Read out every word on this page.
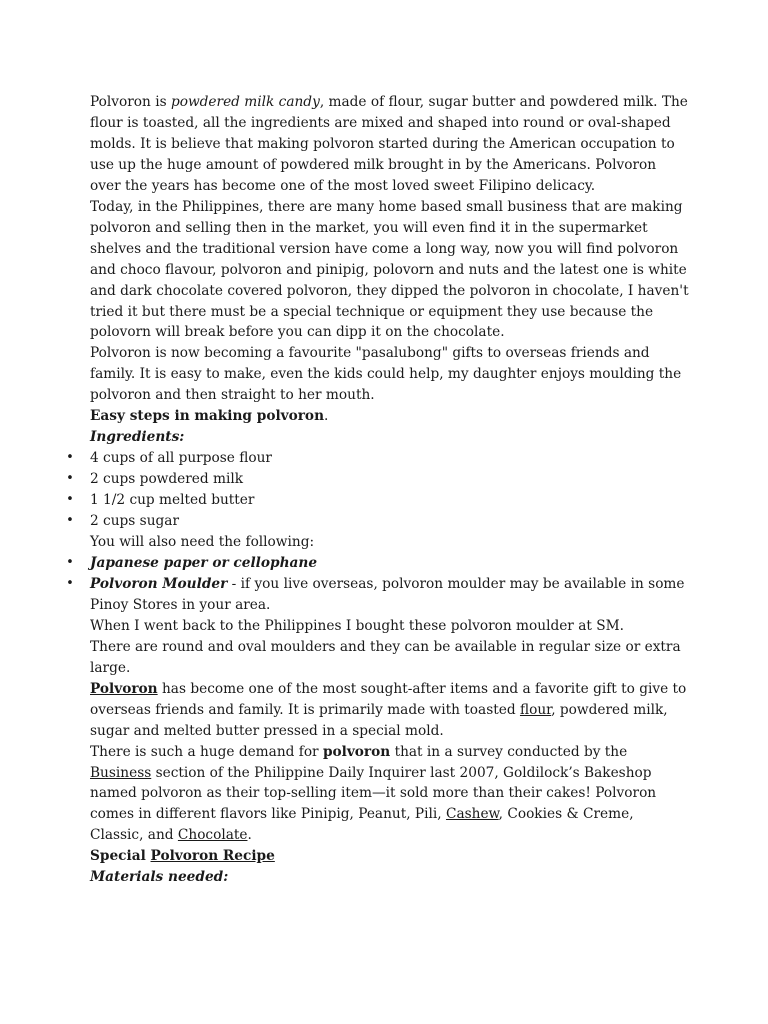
Polvoron is powdered milk candy, made of flour, sugar butter and powdered milk. The flour is toasted, all the ingredients are mixed and shaped into round or oval-shaped molds. It is believe that making polvoron started during the American occupation to use up the huge amount of powdered milk brought in by the Americans. Polvoron over the years has become one of the most loved sweet Filipino delicacy.

Today, in the Philippines, there are many home based small business that are making polvoron and selling then in the market, you will even find it in the supermarket shelves and the traditional version have come a long way, now you will find polvoron and choco flavour, polvoron and pinipig, polovorn and nuts and the latest one is white and dark chocolate covered polvoron, they dipped the polvoron in chocolate, I haven't tried it but there must be a special technique or equipment they use because the polovorn will break before you can dipp it on the chocolate.

Polvoron is now becoming a favourite "pasalubong" gifts to overseas friends and family. It is easy to make, even the kids could help, my daughter enjoys moulding the polvoron and then straight to her mouth.

Easy steps in making polvoron.

Ingredients:

• 4 cups of all purpose flour
• 2 cups powdered milk
• 1 1/2 cup melted butter
• 2 cups sugar

You will also need the following:

• Japanese paper or cellophane
• Polvoron Moulder - if you live overseas, polvoron moulder may be available in some Pinoy Stores in your area.

When I went back to the Philippines I bought these polvoron moulder at SM.

There are round and oval moulders and they can be available in regular size or extra large.

Polvoron has become one of the most sought-after items and a favorite gift to give to overseas friends and family. It is primarily made with toasted flour, powdered milk, sugar and melted butter pressed in a special mold.

There is such a huge demand for polvoron that in a survey conducted by the Business section of the Philippine Daily Inquirer last 2007, Goldilock’s Bakeshop named polvoron as their top-selling item—it sold more than their cakes! Polvoron comes in different flavors like Pinipig, Peanut, Pili, Cashew, Cookies & Creme, Classic, and Chocolate.

Special Polvoron Recipe

Materials needed:
